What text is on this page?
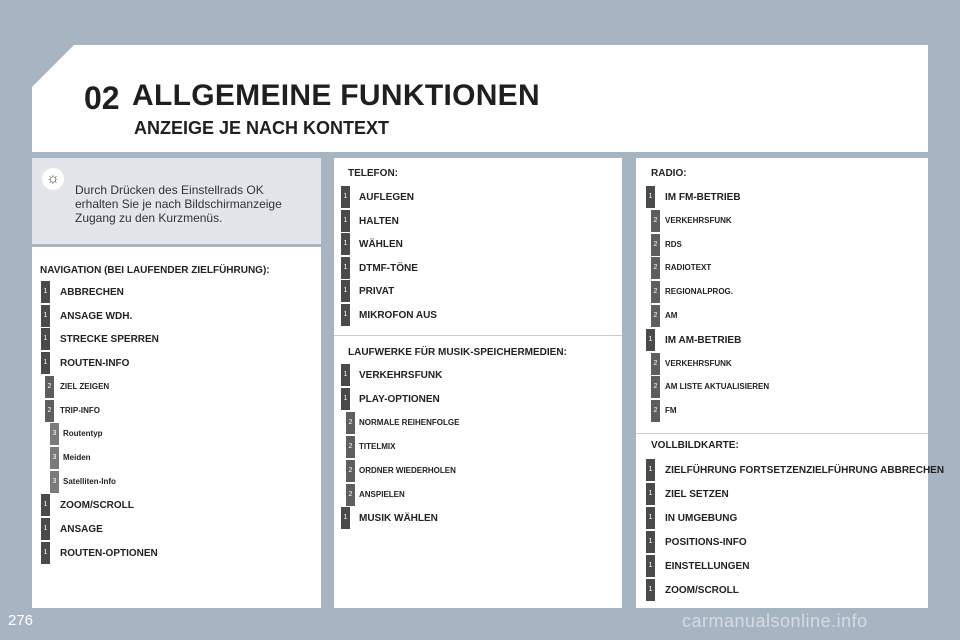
02 ALLGEMEINE FUNKTIONEN
ANZEIGE JE NACH KONTEXT
☼
Durch Drücken des Einstellrads OK erhalten Sie je nach Bildschirmanzeige Zugang zu den Kurzmenüs.
NAVIGATION (BEI LAUFENDER ZIELFÜHRUNG):
1 ABBRECHEN
1 ANSAGE WDH.
1 STRECKE SPERREN
1 ROUTEN-INFO
2	ZIEL ZEIGEN
2	TRIP-INFO
3 Routentyp
3 Meiden
3 Satelliten-Info
1 ZOOM/SCROLL
1 ANSAGE
1 ROUTEN-OPTIONEN
TELEFON:
1 AUFLEGEN
1 HALTEN
1 WÄHLEN
1 DTMF-TÖNE
1 PRIVAT
1 MIKROFON AUS
LAUFWERKE FÜR MUSIK-SPEICHERMEDIEN:
1 VERKEHRSFUNK
1 PLAY-OPTIONEN
2 NORMALE REIHENFOLGE
2 TITELMIX
2 ORDNER WIEDERHOLEN
2 ANSPIELEN
1 MUSIK WÄHLEN
RADIO:
1 IM FM-BETRIEB
2 VERKEHRSFUNK
2 RDS
2 RADIOTEXT
2 REGIONALPROG.
2 AM
1 IM AM-BETRIEB
2 VERKEHRSFUNK
2 AM LISTE AKTUALISIEREN
2 FM
VOLLBILDKARTE:
1 ZIELFÜHRUNG FORTSETZENZIELFÜHRUNG ABBRECHEN
1 ZIEL SETZEN
1 IN UMGEBUNG
1 POSITIONS-INFO
1 EINSTELLUNGEN
1 ZOOM/SCROLL
276	carmanualsonline.info
